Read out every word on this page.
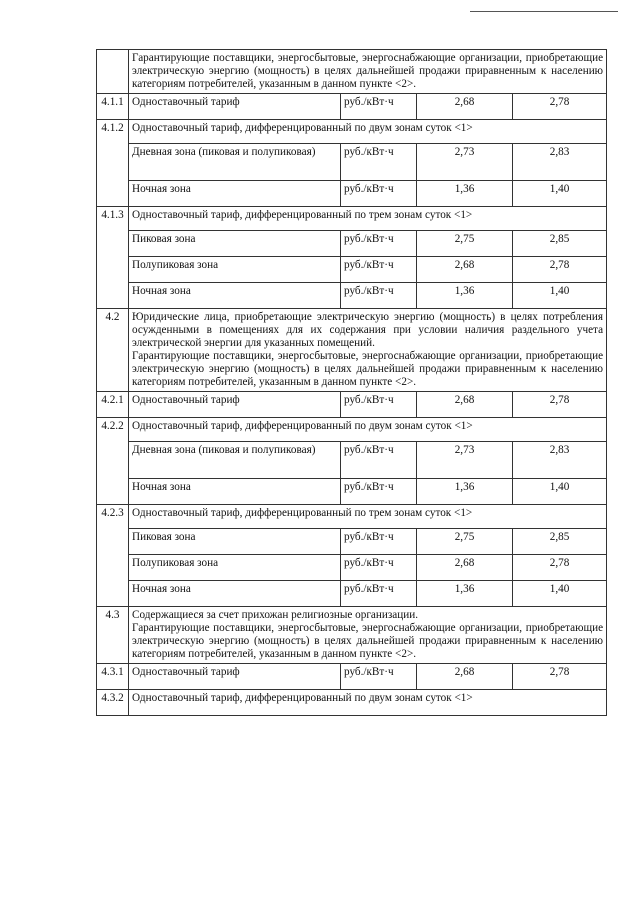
	Гарантирующие поставщики, энергосбытовые, энергоснабжающие организации, приобретающие электрическую энергию (мощность) в целях дальнейшей продажи приравненным к населению категориям потребителей, указанным в данном пункте <2>.			
4.1.1	Одноставочный тариф	руб./кВт·ч	2,68	2,78
4.1.2	Одноставочный тариф, дифференцированный по двум зонам суток <1>			
	Дневная зона (пиковая и полупиковая)	руб./кВт·ч	2,73	2,83
	Ночная зона	руб./кВт·ч	1,36	1,40
4.1.3	Одноставочный тариф, дифференцированный по трем зонам суток <1>			
	Пиковая зона	руб./кВт·ч	2,75	2,85
	Полупиковая зона	руб./кВт·ч	2,68	2,78
	Ночная зона	руб./кВт·ч	1,36	1,40
4.2	Юридические лица, приобретающие электрическую энергию (мощность) в целях потребления осужденными в помещениях для их содержания при условии наличия раздельного учета электрической энергии для указанных помещений.
Гарантирующие поставщики, энергосбытовые, энергоснабжающие организации, приобретающие электрическую энергию (мощность) в целях дальнейшей продажи приравненным к населению категориям потребителей, указанным в данном пункте <2>.			

4.2.1	Одноставочный тариф	руб./кВт·ч	2,68	2,78
4.2.2	Одноставочный тариф, дифференцированный по двум зонам суток <1>			
	Дневная зона (пиковая и полупиковая)	руб./кВт·ч	2,73	2,83
	Ночная зона	руб./кВт·ч	1,36	1,40
4.2.3	Одноставочный тариф, дифференцированный по трем зонам суток <1>			
	Пиковая зона	руб./кВт·ч	2,75	2,85
	Полупиковая зона	руб./кВт·ч	2,68	2,78
	Ночная зона	руб./кВт·ч	1,36	1,40
4.3	Содержащиеся за счет прихожан религиозные организации.
Гарантирующие поставщики, энергосбытовые, энергоснабжающие организации, приобретающие электрическую энергию (мощность) в целях дальнейшей продажи приравненным к населению категориям потребителей, указанным в данном пункте <2>.			

4.3.1	Одноставочный тариф	руб./кВт·ч	2,68	2,78
4.3.2	Одноставочный тариф, дифференцированный по двум зонам суток <1>			
